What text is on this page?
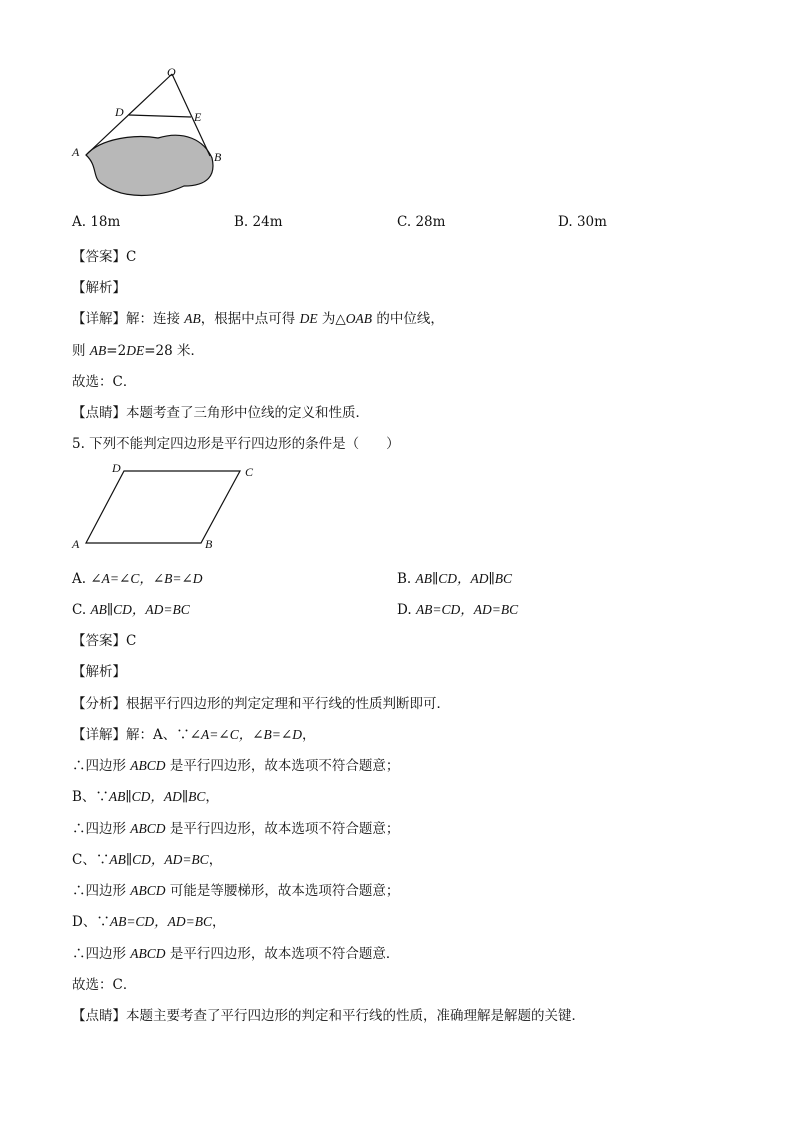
O
D	E
A	B
A. 18m	B. 24m	C. 28m	D. 30m
【答案】C
【解析】
【详解】解：连接 AB，根据中点可得 DE 为△OAB 的中位线，
则 AB=2DE=28 米．
故选：C．
【点睛】本题考查了三角形中位线的定义和性质．
5. 下列不能判定四边形是平行四边形的条件是（　　）
D	C
A	B
A. ∠A=∠C，∠B=∠D	B. AB∥CD，AD∥BC
C. AB∥CD，AD=BC	D. AB=CD，AD=BC
【答案】C
【解析】
【分析】根据平行四边形的判定定理和平行线的性质判断即可．
【详解】解：A、∵∠A=∠C，∠B=∠D，
∴四边形 ABCD 是平行四边形，故本选项不符合题意；
B、∵AB∥CD，AD∥BC，
∴四边形 ABCD 是平行四边形，故本选项不符合题意；
C、∵AB∥CD，AD=BC，
∴四边形 ABCD 可能是等腰梯形，故本选项符合题意；
D、∵AB=CD，AD=BC，
∴四边形 ABCD 是平行四边形，故本选项不符合题意．
故选：C．
【点睛】本题主要考查了平行四边形的判定和平行线的性质，准确理解是解题的关键．
